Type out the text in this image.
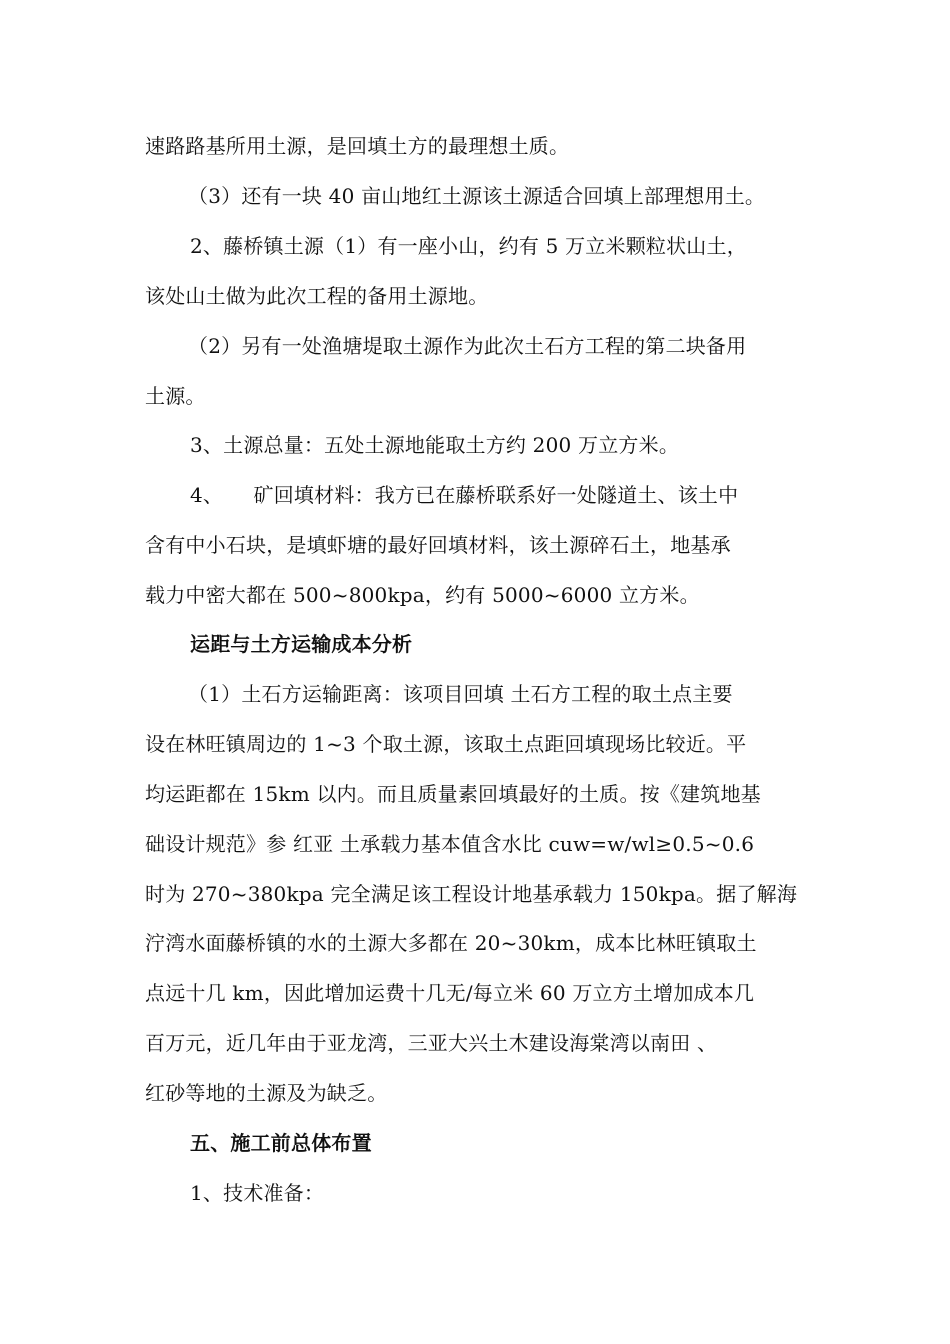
速路路基所用土源，是回填土方的最理想土质。
（3）还有一块 40 亩山地红土源该土源适合回填上部理想用土。
2、藤桥镇土源（1）有一座小山，约有 5 万立米颗粒状山土，
该处山土做为此次工程的备用土源地。
（2）另有一处渔塘堤取土源作为此次土石方工程的第二块备用
土源。
3、土源总量：五处土源地能取土方约 200 万立方米。
4、　　矿回填材料：我方已在藤桥联系好一处隧道土、该土中
含有中小石块，是填虾塘的最好回填材料，该土源碎石土，地基承
载力中密大都在 500~800kpa，约有 5000~6000 立方米。
运距与土方运输成本分析
（1）土石方运输距离：该项目回填 土石方工程的取土点主要
设在林旺镇周边的 1~3 个取土源，该取土点距回填现场比较近。平
均运距都在 15km 以内。而且质量素回填最好的土质。按《建筑地基
础设计规范》参 红亚 土承载力基本值含水比 cuw=w/wl≥0.5~0.6
时为 270~380kpa 完全满足该工程设计地基承载力 150kpa。据了解海
泞湾水面藤桥镇的水的土源大多都在 20~30km，成本比林旺镇取土
点远十几 km，因此增加运费十几无/每立米 60 万立方土增加成本几
百万元，近几年由于亚龙湾，三亚大兴土木建设海棠湾以南田 、
红砂等地的土源及为缺乏。
五、施工前总体布置
1、技术准备：
